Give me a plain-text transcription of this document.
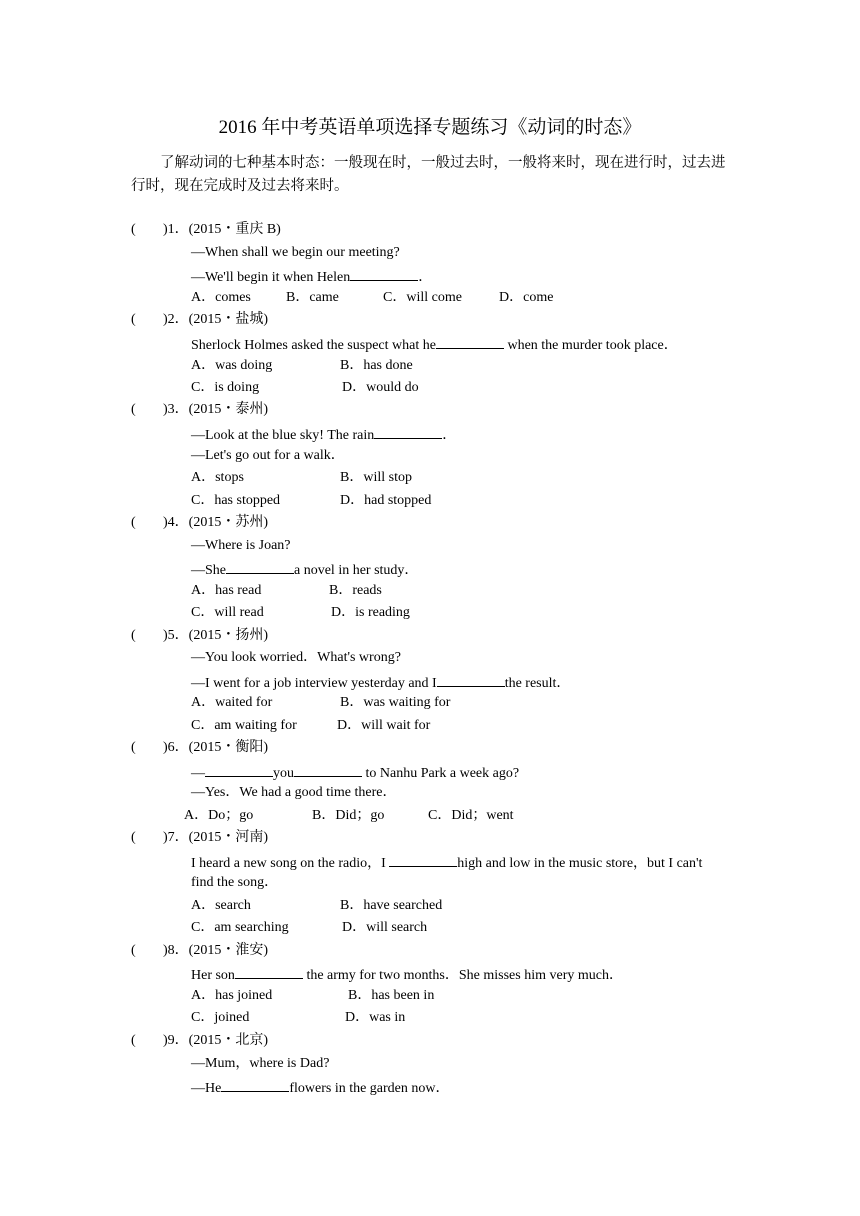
2016 年中考英语单项选择专题练习《动词的时态》
了解动词的七种基本时态：一般现在时，一般过去时，一般将来时，现在进行时，过去进行时，现在完成时及过去将来时。
( )1．(2015・重庆 B)
—When shall we begin our meeting?
—We'll begin it when Helen	．
A．comes	B．came	C．will come	D．come
( )2．(2015・盐城)
Sherlock Holmes asked the suspect what he	when the murder took place．
A．was doing	B．has done
C．is doing	D．would do
( )3．(2015・泰州)
—Look at the blue sky! The rain	．
—Let's go out for a walk．
A．stops	B．will stop
C．has stopped	D．had stopped
( )4．(2015・苏州)
—Where is Joan?
—She	a novel in her study．
A．has read	B．reads
C．will read	D．is reading
( )5．(2015・扬州)
—You look worried．What's wrong?
—I went for a job interview yesterday and I	the result．
A．waited for	B．was waiting for
C．am waiting for	D．will wait for
( )6．(2015・衡阳)
—	you	to Nanhu Park a week ago?
—Yes．We had a good time there．
A．Do；go	B．Did；go	C．Did；went
( )7．(2015・河南)
I heard a new song on the radio，I	high and low in the music store，but I can't
find the song．
A．search	B．have searched
C．am searching	D．will search
( )8．(2015・淮安)
Her son	the army for two months．She misses him very much．
A．has joined	B．has been in
C．joined	D．was in
( )9．(2015・北京)
—Mum，where is Dad?
—He	flowers in the garden now．
